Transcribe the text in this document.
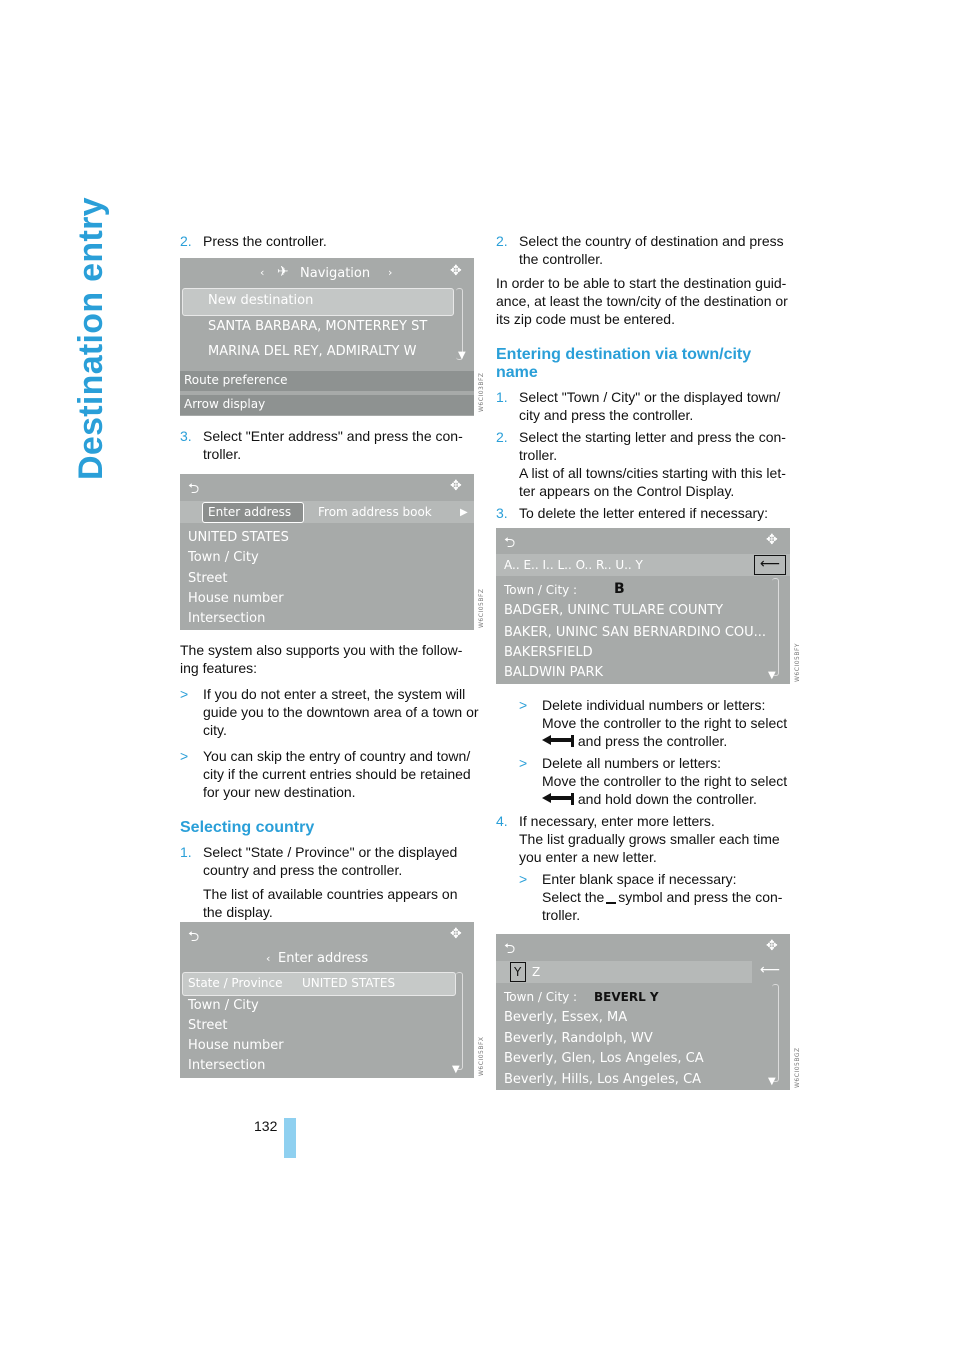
Destination entry	2. Press the controller.

‹ ✈ Navigation ›	✥
New destination
SANTA BARBARA, MONTERREY ST
MARINA DEL REY, ADMIRALTY W	▼
Route preference
Arrow display	W6CI03BFZ

3. Select "Enter address" and press the con-
troller.

⮌	✥
Enter address From address book	▶
UNITED STATES
Town / City
Street
House number
Intersection	W6CI05BFZ

The system also supports you with the follow-
ing features:

> If you do not enter a street, the system will
guide you to the downtown area of a town or
city.
> You can skip the entry of country and town/
city if the current entries should be retained
for your new destination.
Selecting country

1. Select "State / Province" or the displayed
country and press the controller.

The list of available countries appears on
the display.

⮌	✥
‹ Enter address
State / Province UNITED STATES
Town / City
Street
House number
Intersection	▼	W6CI05BFX

2. Select the country of destination and press
the controller.

In order to be able to start the destination guid-
ance, at least the town/city of the destination or
its zip code must be entered.

Entering destination via town/city
name

1. Select "Town / City" or the displayed town/
city and press the controller.

2. Select the starting letter and press the con-
troller.
A list of all towns/cities starting with this let-
ter appears on the Control Display.

3. To delete the letter entered if necessary:

⮌	✥
A.. E.. I.. L.. O.. R.. U.. Y	⟵
Town / City :	B
BADGER, UNINC TULARE COUNTY
BAKER, UNINC SAN BERNARDINO COU...
BAKERSFIELD
BALDWIN PARK	▼	W6CI05BFY
> Delete individual numbers or letters:
Move the controller to the right to select

and press the controller.
> Delete all numbers or letters:
Move the controller to the right to select

and hold down the controller.

4. If necessary, enter more letters.
The list gradually grows smaller each time
you enter a new letter.

> Enter blank space if necessary:
Select the symbol and press the con-
troller.
⮌	✥
Y Z	⟵
Town / City : BEVERL Y
Beverly, Essex, MA
Beverly, Randolph, WV
Beverly, Glen, Los Angeles, CA
Beverly, Hills, Los Angeles, CA	▼	W6CI05BGZ
132
